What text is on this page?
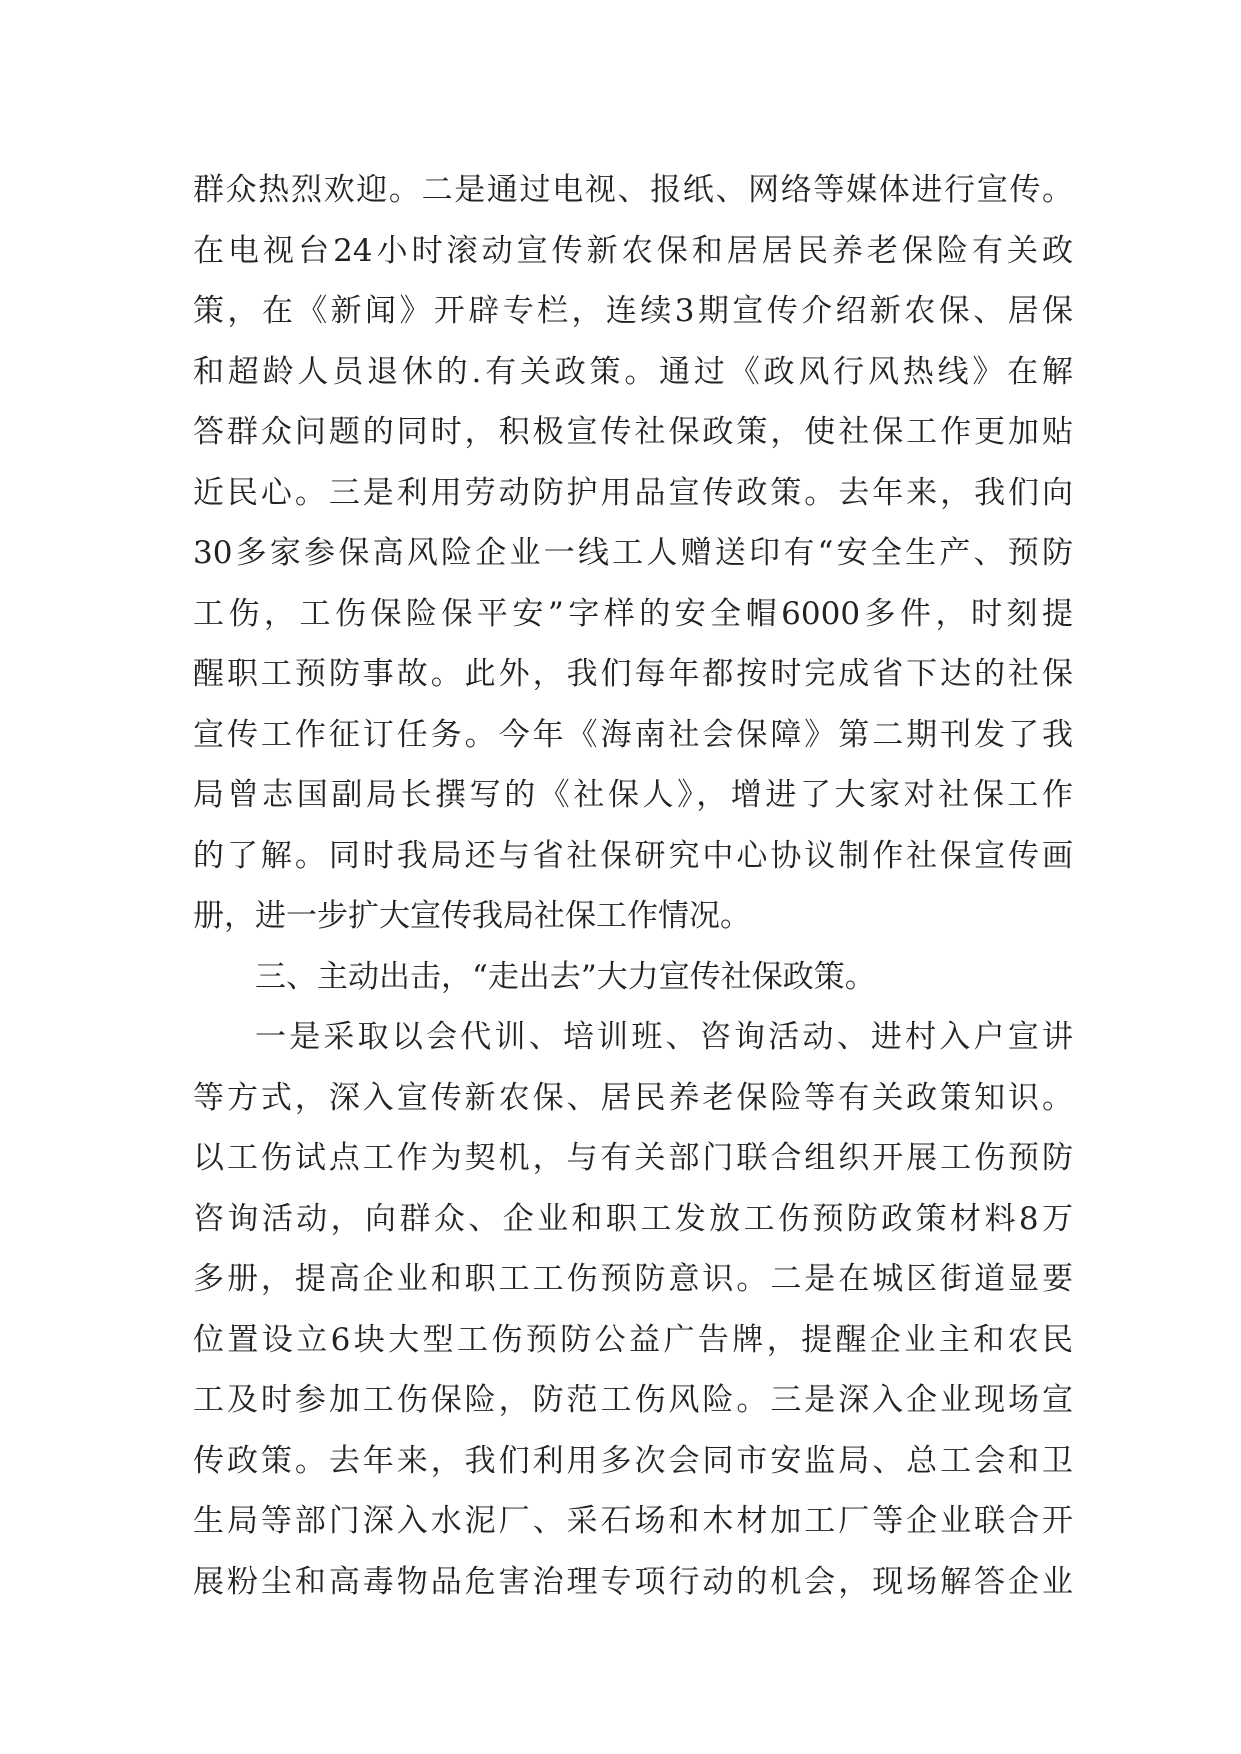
群众热烈欢迎。二是通过电视、报纸、网络等媒体进行宣传。
在电视台24小时滚动宣传新农保和居居民养老保险有关政
策，在《新闻》开辟专栏，连续3期宣传介绍新农保、居保
和超龄人员退休的.有关政策。通过《政风行风热线》在解
答群众问题的同时，积极宣传社保政策，使社保工作更加贴
近民心。三是利用劳动防护用品宣传政策。去年来，我们向
30多家参保高风险企业一线工人赠送印有“安全生产、预防
工伤，工伤保险保平安”字样的安全帽6000多件，时刻提
醒职工预防事故。此外，我们每年都按时完成省下达的社保
宣传工作征订任务。今年《海南社会保障》第二期刊发了我
局曾志国副局长撰写的《社保人》，增进了大家对社保工作
的了解。同时我局还与省社保研究中心协议制作社保宣传画
册，进一步扩大宣传我局社保工作情况。
三、主动出击，“走出去”大力宣传社保政策。
一是采取以会代训、培训班、咨询活动、进村入户宣讲
等方式，深入宣传新农保、居民养老保险等有关政策知识。
以工伤试点工作为契机，与有关部门联合组织开展工伤预防
咨询活动，向群众、企业和职工发放工伤预防政策材料8万
多册，提高企业和职工工伤预防意识。二是在城区街道显要
位置设立6块大型工伤预防公益广告牌，提醒企业主和农民
工及时参加工伤保险，防范工伤风险。三是深入企业现场宣
传政策。去年来，我们利用多次会同市安监局、总工会和卫
生局等部门深入水泥厂、采石场和木材加工厂等企业联合开
展粉尘和高毒物品危害治理专项行动的机会，现场解答企业
